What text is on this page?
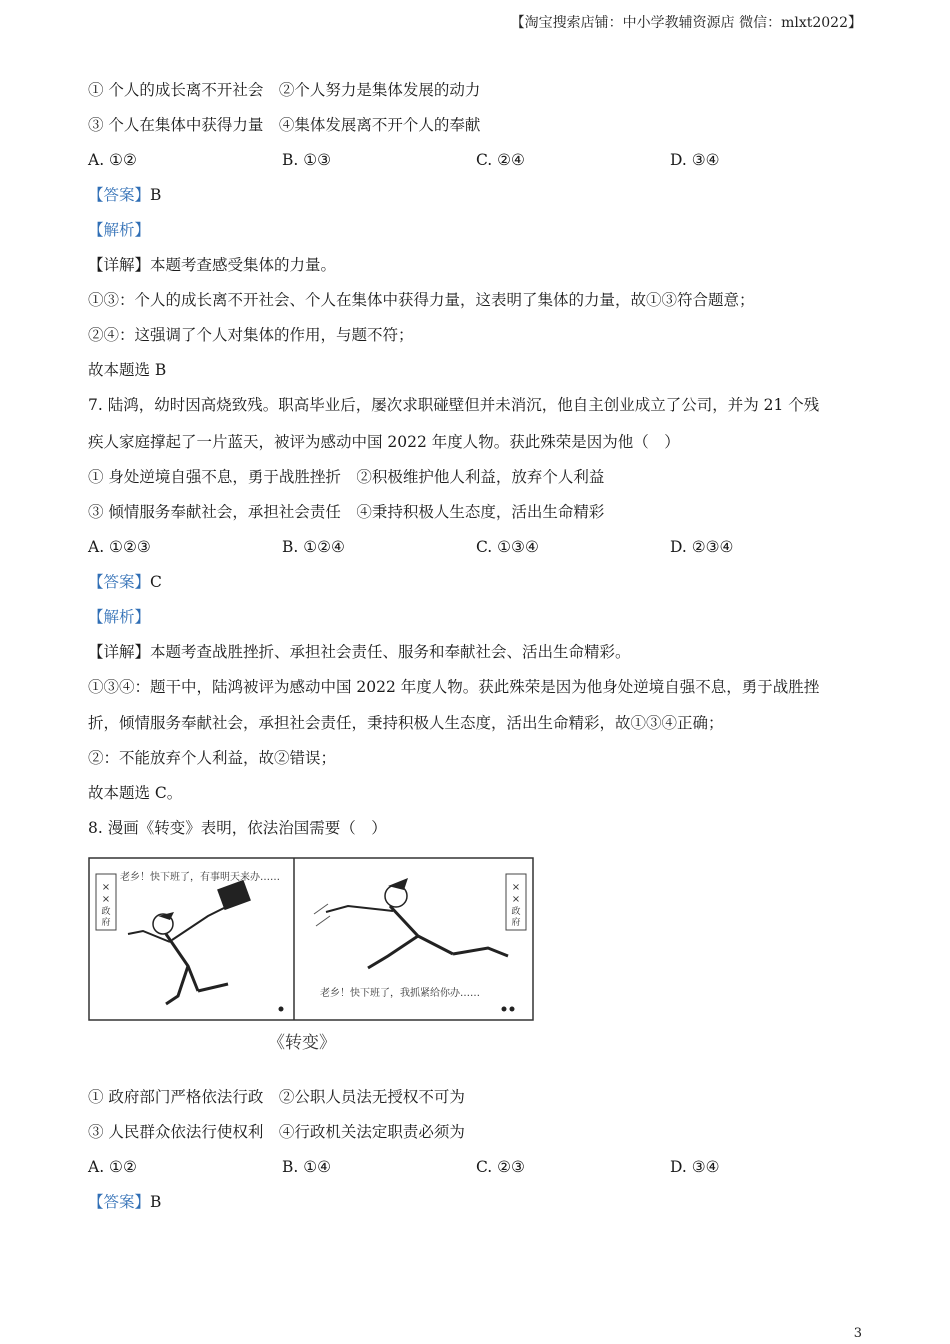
【淘宝搜索店铺：中小学教辅资源店 微信：mlxt2022】
① 个人的成长离不开社会　②个人努力是集体发展的动力
③ 个人在集体中获得力量　④集体发展离不开个人的奉献
A. ①②	B. ①③	C. ②④	D. ③④
【答案】B
【解析】
【详解】本题考查感受集体的力量。
①③：个人的成长离不开社会、个人在集体中获得力量，这表明了集体的力量，故①③符合题意；
②④：这强调了个人对集体的作用，与题不符；
故本题选 B
7. 陆鸿，幼时因高烧致残。职高毕业后，屡次求职碰壁但并未消沉，他自主创业成立了公司，并为 21 个残
疾人家庭撑起了一片蓝天，被评为感动中国 2022 年度人物。获此殊荣是因为他（　）
① 身处逆境自强不息，勇于战胜挫折　②积极维护他人利益，放弃个人利益
③ 倾情服务奉献社会，承担社会责任　④秉持积极人生态度，活出生命精彩
A. ①②③	B. ①②④	C. ①③④	D. ②③④
【答案】C
【解析】
【详解】本题考查战胜挫折、承担社会责任、服务和奉献社会、活出生命精彩。
①③④：题干中，陆鸿被评为感动中国 2022 年度人物。获此殊荣是因为他身处逆境自强不息，勇于战胜挫
折，倾情服务奉献社会，承担社会责任，秉持积极人生态度，活出生命精彩，故①③④正确；
②：不能放弃个人利益，故②错误；
故本题选 C。
8. 漫画《转变》表明，依法治国需要（　）
×
×
政
府
老乡！快下班了，有事明天来办……
×
×
政
府
老乡！快下班了，我抓紧给你办……
《转变》
① 政府部门严格依法行政　②公职人员法无授权不可为
③ 人民群众依法行使权利　④行政机关法定职责必须为
A. ①②	B. ①④	C. ②③	D. ③④
【答案】B
3
